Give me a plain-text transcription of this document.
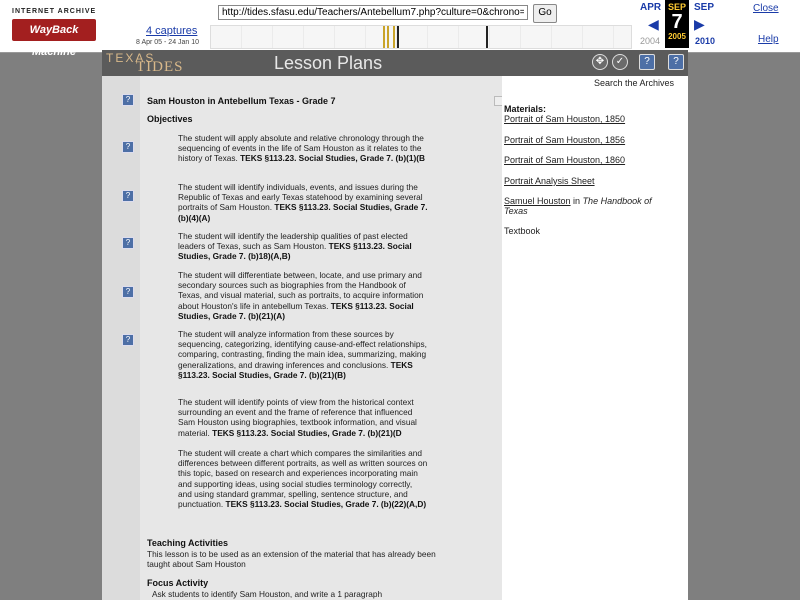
INTERNET ARCHIVE
WayBack Machine
4 captures
8 Apr 05 - 24 Jan 10
http://tides.sfasu.edu/Teachers/Antebellum7.php?culture=0&chrono=0&index=1
Go	APR
◀
2004
SEP
7
2005
SEP
▶
2010
Close
Help
TEXAS
TIDES	Lesson Plans	✥	✓	?	?
?
?
?
?
?
?
Search the Archives
Sam Houston in Antebellum Texas - Grade 7
Objectives
The student will apply absolute and relative chronology through the sequencing of events in the life of Sam Houston as it relates to the history of Texas. TEKS §113.23. Social Studies, Grade 7. (b)(1)(B
The student will identify individuals, events, and issues during the Republic of Texas and early Texas statehood by examining several portraits of Sam Houston. TEKS §113.23. Social Studies, Grade 7. (b)(4)(A)
The student will identify the leadership qualities of past elected leaders of Texas, such as Sam Houston. TEKS §113.23. Social Studies, Grade 7. (b)18)(A,B)
The student will differentiate between, locate, and use primary and secondary sources such as biographies from the Handbook of Texas, and visual material, such as portraits, to acquire information about Houston's life in antebellum Texas. TEKS §113.23. Social Studies, Grade 7. (b)(21)(A)
The student will analyze information from these sources by sequencing, categorizing, identifying cause-and-effect relationships, comparing, contrasting, finding the main idea, summarizing, making generalizations, and drawing inferences and conclusions. TEKS §113.23. Social Studies, Grade 7. (b)(21)(B)
The student will identify points of view from the historical context surrounding an event and the frame of reference that influenced Sam Houston using biographies, textbook information, and visual material. TEKS §113.23. Social Studies, Grade 7. (b)(21)(D
The student will create a chart which compares the similarities and differences between different portraits, as well as written sources on this topic, based on research and experiences incorporating main and supporting ideas, using social studies terminology correctly, and using standard grammar, spelling, sentence structure, and punctuation. TEKS §113.23. Social Studies, Grade 7. (b)(22)(A,D)
Teaching Activities
This lesson is to be used as an extension of the material that has already been taught about Sam Houston
Focus Activity
Ask students to identify Sam Houston, and write a 1 paragraph
Materials:
Portrait of Sam Houston, 1850
Portrait of Sam Houston, 1856
Portrait of Sam Houston, 1860
Portrait Analysis Sheet
Samuel Houston in The Handbook of Texas
Textbook
